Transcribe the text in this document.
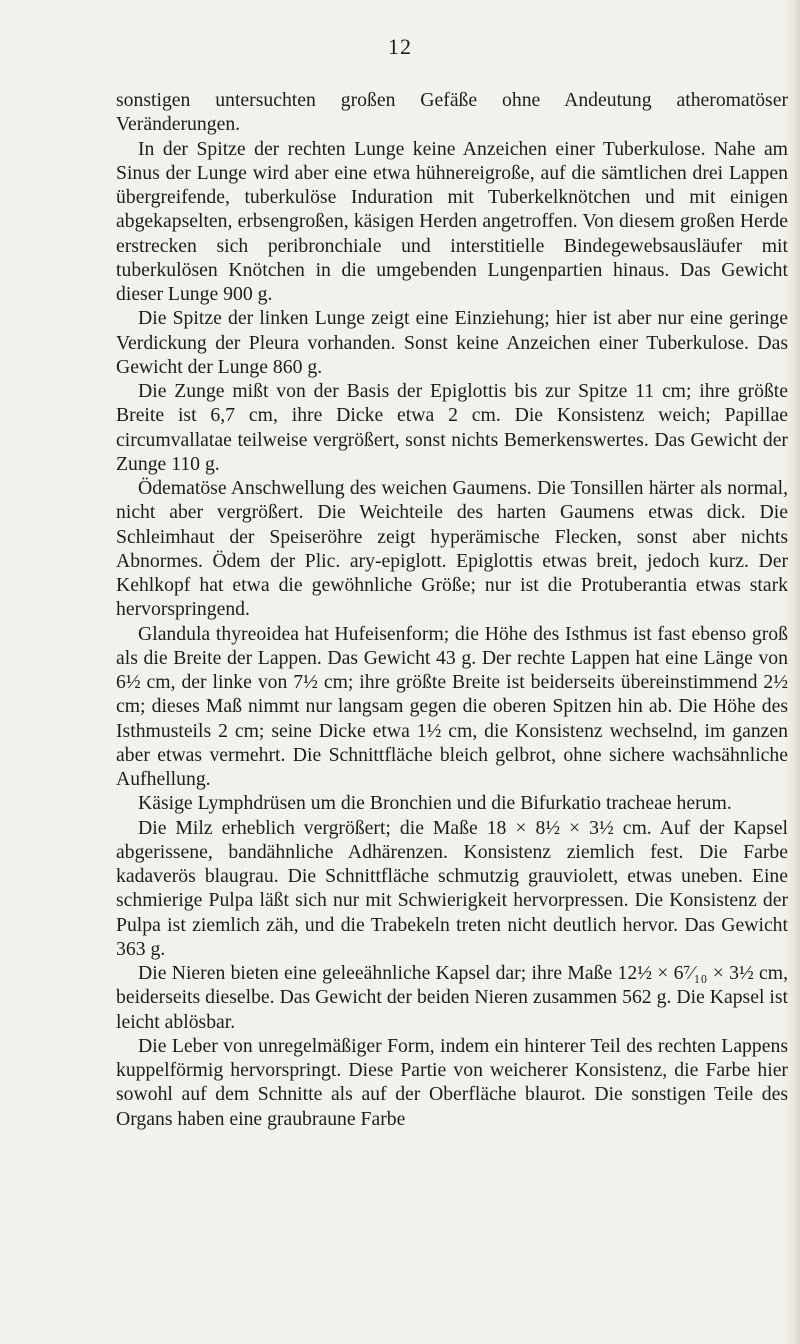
12

sonstigen untersuchten großen Gefäße ohne Andeutung atheromatöser Veränderungen.

In der Spitze der rechten Lunge keine Anzeichen einer Tuberkulose. Nahe am Sinus der Lunge wird aber eine etwa hühnereigroße, auf die sämtlichen drei Lappen übergreifende, tuberkulöse Induration mit Tuberkelknötchen und mit einigen abgekapselten, erbsengroßen, käsigen Herden angetroffen. Von diesem großen Herde erstrecken sich peribronchiale und interstitielle Bindegewebsausläufer mit tuberkulösen Knötchen in die umgebenden Lungenpartien hinaus. Das Gewicht dieser Lunge 900 g.

Die Spitze der linken Lunge zeigt eine Einziehung; hier ist aber nur eine geringe Verdickung der Pleura vorhanden. Sonst keine Anzeichen einer Tuberkulose. Das Gewicht der Lunge 860 g.

Die Zunge mißt von der Basis der Epiglottis bis zur Spitze 11 cm; ihre größte Breite ist 6,7 cm, ihre Dicke etwa 2 cm. Die Konsistenz weich; Papillae circumvallatae teilweise vergrößert, sonst nichts Bemerkenswertes. Das Gewicht der Zunge 110 g.

Ödematöse Anschwellung des weichen Gaumens. Die Tonsillen härter als normal, nicht aber vergrößert. Die Weichteile des harten Gaumens etwas dick. Die Schleimhaut der Speiseröhre zeigt hyperämische Flecken, sonst aber nichts Abnormes. Ödem der Plic. ary-epiglott. Epiglottis etwas breit, jedoch kurz. Der Kehlkopf hat etwa die gewöhnliche Größe; nur ist die Protuberantia etwas stark hervorspringend.

Glandula thyreoidea hat Hufeisenform; die Höhe des Isthmus ist fast ebenso groß als die Breite der Lappen. Das Gewicht 43 g. Der rechte Lappen hat eine Länge von 6½ cm, der linke von 7½ cm; ihre größte Breite ist beiderseits übereinstimmend 2½ cm; dieses Maß nimmt nur langsam gegen die oberen Spitzen hin ab. Die Höhe des Isthmusteils 2 cm; seine Dicke etwa 1½ cm, die Konsistenz wechselnd, im ganzen aber etwas vermehrt. Die Schnittfläche bleich gelbrot, ohne sichere wachsähnliche Aufhellung.

Käsige Lymphdrüsen um die Bronchien und die Bifurkatio tracheae herum.

Die Milz erheblich vergrößert; die Maße 18 × 8½ × 3½ cm. Auf der Kapsel abgerissene, bandähnliche Adhärenzen. Konsistenz ziemlich fest. Die Farbe kadaverös blaugrau. Die Schnittfläche schmutzig grauviolett, etwas uneben. Eine schmierige Pulpa läßt sich nur mit Schwierigkeit hervorpressen. Die Konsistenz der Pulpa ist ziemlich zäh, und die Trabekeln treten nicht deutlich hervor. Das Gewicht 363 g.

Die Nieren bieten eine geleeähnliche Kapsel dar; ihre Maße 12½ × 6⁷⁄₁₀ × 3½ cm, beiderseits dieselbe. Das Gewicht der beiden Nieren zusammen 562 g. Die Kapsel ist leicht ablösbar.

Die Leber von unregelmäßiger Form, indem ein hinterer Teil des rechten Lappens kuppelförmig hervorspringt. Diese Partie von weicherer Konsistenz, die Farbe hier sowohl auf dem Schnitte als auf der Oberfläche blaurot. Die sonstigen Teile des Organs haben eine graubraune Farbe
